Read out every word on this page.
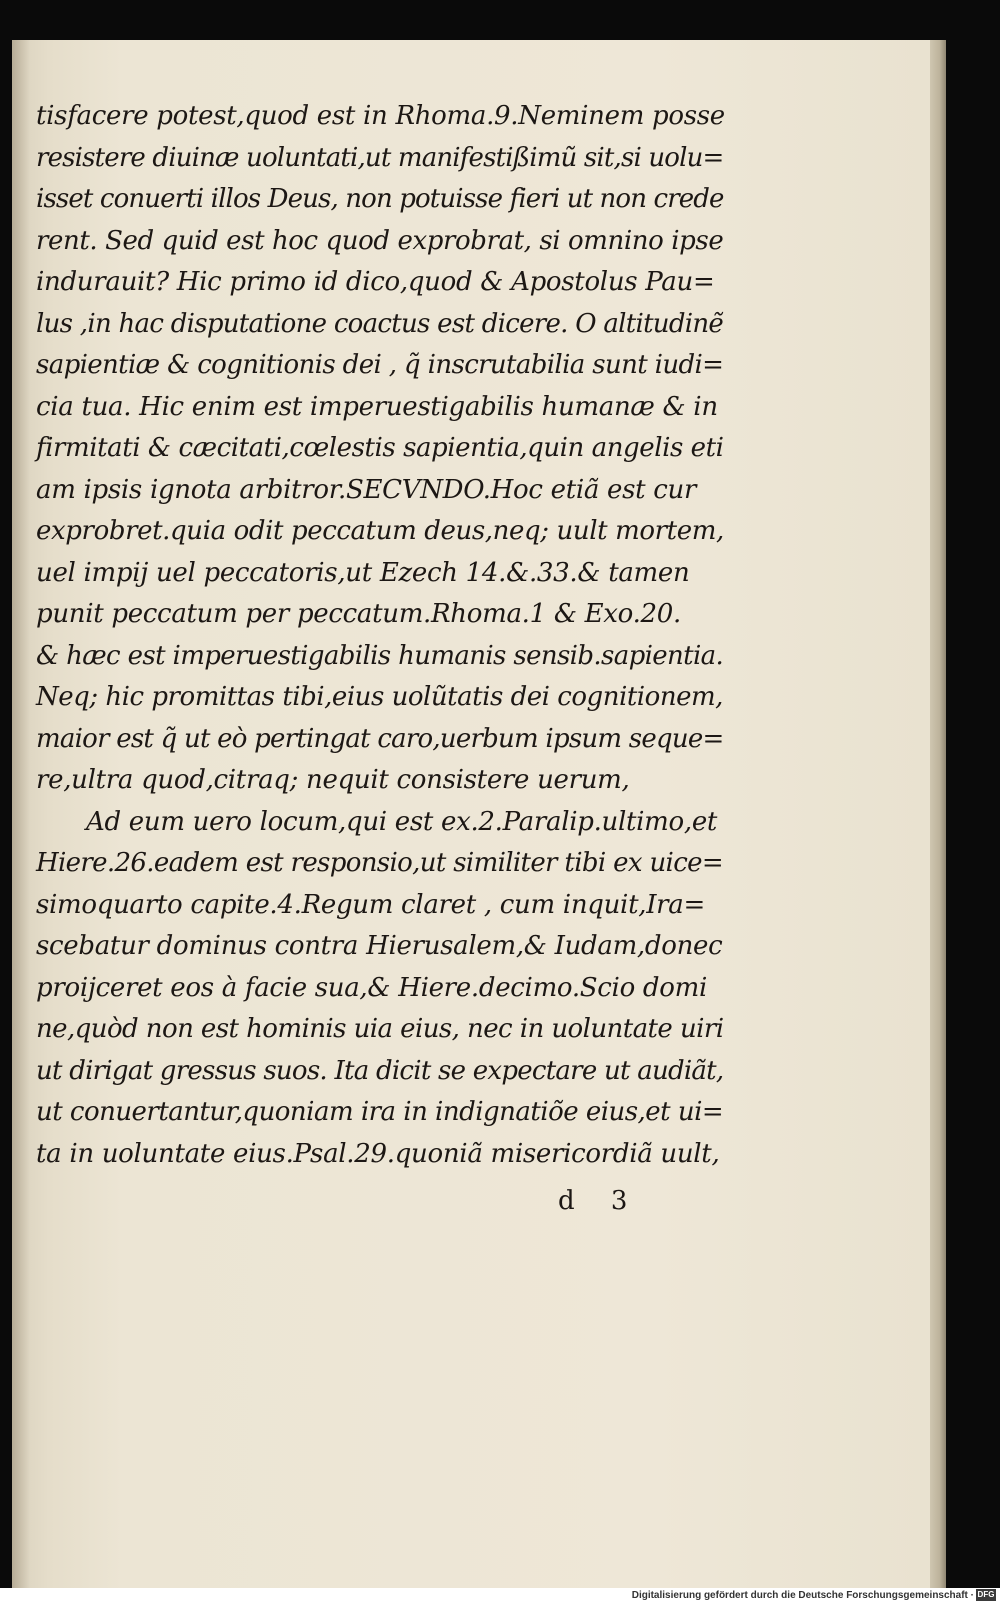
tisfacere potest,quod est in Rhoma.9.Neminem posse
resistere diuinæ uoluntati,ut manifestißimũ sit,si uolu=
isset conuerti illos Deus, non potuisse fieri ut non crede
rent. Sed quid est hoc quod exprobrat, si omnino ipse
indurauit? Hic primo id dico,quod & Apostolus Pau=
lus ,in hac disputatione coactus est dicere. O altitudinẽ
sapientiæ & cognitionis dei , q̃ inscrutabilia sunt iudi=
cia tua. Hic enim est imperuestigabilis humanæ & in
firmitati & cæcitati,cœlestis sapientia,quin angelis eti
am ipsis ignota arbitror.SECVNDO.Hoc etiã est cur
exprobret.quia odit peccatum deus,neq; uult mortem,
uel impij uel peccatoris,ut Ezech 14.&.33.& tamen
punit peccatum per peccatum.Rhoma.1 & Exo.20.
& hæc est imperuestigabilis humanis sensib.sapientia.
Neq; hic promittas tibi,eius uolũtatis dei cognitionem,
maior est q̃ ut eò pertingat caro,uerbum ipsum seque=
re,ultra quod,citraq; nequit consistere uerum,
Ad eum uero locum,qui est ex.2.Paralip.ultimo,et
Hiere.26.eadem est responsio,ut similiter tibi ex uice=
simoquarto capite.4.Regum claret , cum inquit,Ira=
scebatur dominus contra Hierusalem,& Iudam,donec
proijceret eos à facie sua,& Hiere.decimo.Scio domi
ne,quòd non est hominis uia eius, nec in uoluntate uiri
ut dirigat gressus suos. Ita dicit se expectare ut audiãt,
ut conuertantur,quoniam ira in indignatiõe eius,et ui=
ta in uoluntate eius.Psal.29.quoniã misericordiã uult,
d 3
Digitalisierung gefördert durch die Deutsche Forschungsgemeinschaft · DFG
